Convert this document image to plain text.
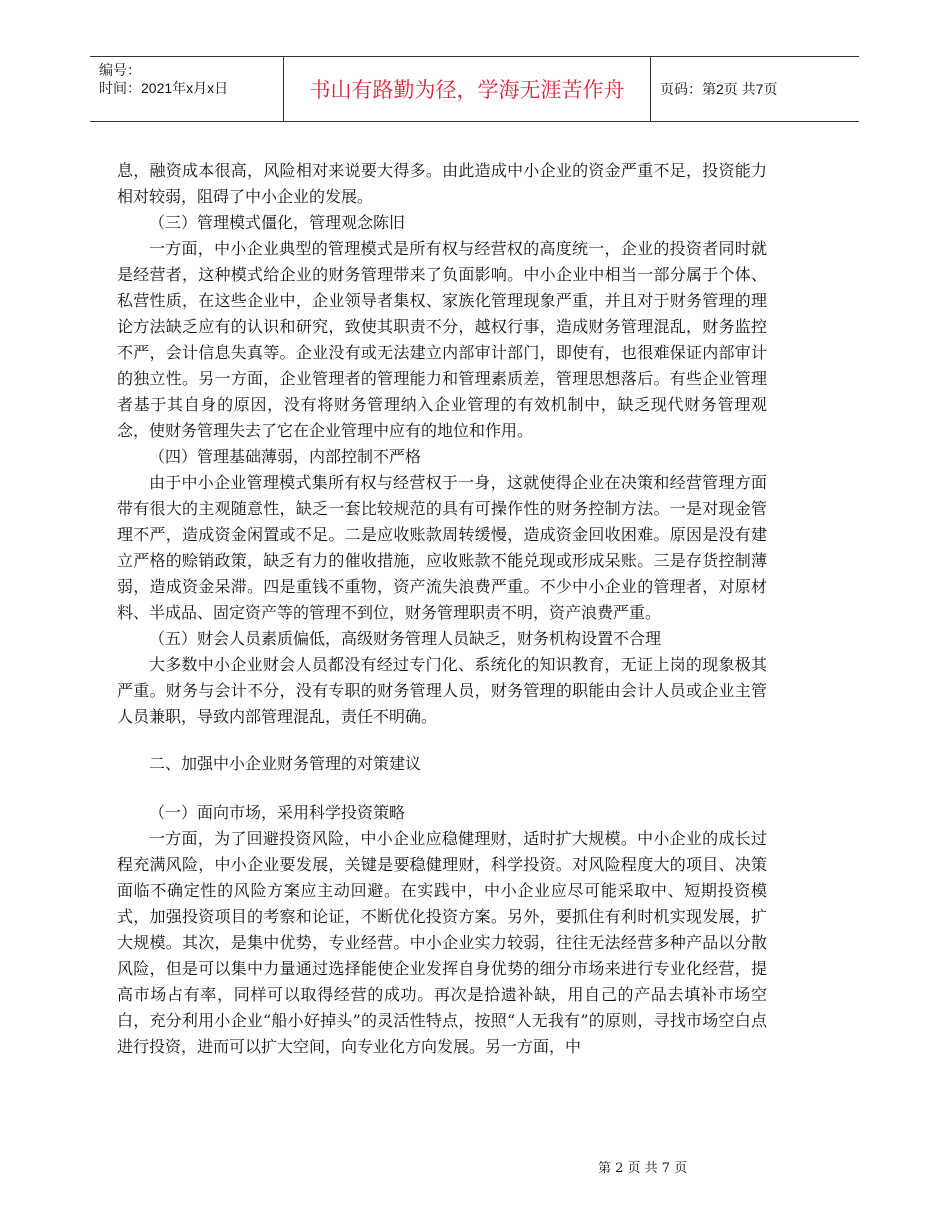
编号：
时间：2021年x月x日	书山有路勤为径，学海无涯苦作舟	页码：第2页 共7页

息，融资成本很高，风险相对来说要大得多。由此造成中小企业的资金严重不足，投资能力相对较弱，阻碍了中小企业的发展。

（三）管理模式僵化，管理观念陈旧

一方面，中小企业典型的管理模式是所有权与经营权的高度统一，企业的投资者同时就是经营者，这种模式给企业的财务管理带来了负面影响。中小企业中相当一部分属于个体、私营性质，在这些企业中，企业领导者集权、家族化管理现象严重，并且对于财务管理的理论方法缺乏应有的认识和研究，致使其职责不分，越权行事，造成财务管理混乱，财务监控不严，会计信息失真等。企业没有或无法建立内部审计部门，即使有，也很难保证内部审计的独立性。另一方面，企业管理者的管理能力和管理素质差，管理思想落后。有些企业管理者基于其自身的原因，没有将财务管理纳入企业管理的有效机制中，缺乏现代财务管理观念，使财务管理失去了它在企业管理中应有的地位和作用。

（四）管理基础薄弱，内部控制不严格

由于中小企业管理模式集所有权与经营权于一身，这就使得企业在决策和经营管理方面带有很大的主观随意性，缺乏一套比较规范的具有可操作性的财务控制方法。一是对现金管理不严，造成资金闲置或不足。二是应收账款周转缓慢，造成资金回收困难。原因是没有建立严格的赊销政策，缺乏有力的催收措施，应收账款不能兑现或形成呆账。三是存货控制薄弱，造成资金呆滞。四是重钱不重物，资产流失浪费严重。不少中小企业的管理者，对原材料、半成品、固定资产等的管理不到位，财务管理职责不明，资产浪费严重。

（五）财会人员素质偏低，高级财务管理人员缺乏，财务机构设置不合理

大多数中小企业财会人员都没有经过专门化、系统化的知识教育，无证上岗的现象极其严重。财务与会计不分，没有专职的财务管理人员，财务管理的职能由会计人员或企业主管人员兼职，导致内部管理混乱，责任不明确。

二、加强中小企业财务管理的对策建议

（一）面向市场，采用科学投资策略

一方面，为了回避投资风险，中小企业应稳健理财，适时扩大规模。中小企业的成长过程充满风险，中小企业要发展，关键是要稳健理财，科学投资。对风险程度大的项目、决策面临不确定性的风险方案应主动回避。在实践中，中小企业应尽可能采取中、短期投资模式，加强投资项目的考察和论证，不断优化投资方案。另外，要抓住有利时机实现发展，扩大规模。其次，是集中优势，专业经营。中小企业实力较弱，往往无法经营多种产品以分散风险，但是可以集中力量通过选择能使企业发挥自身优势的细分市场来进行专业化经营，提高市场占有率，同样可以取得经营的成功。再次是拾遗补缺，用自己的产品去填补市场空白，充分利用小企业“船小好掉头”的灵活性特点，按照“人无我有”的原则，寻找市场空白点进行投资，进而可以扩大空间，向专业化方向发展。另一方面，中

第 2 页 共 7 页
